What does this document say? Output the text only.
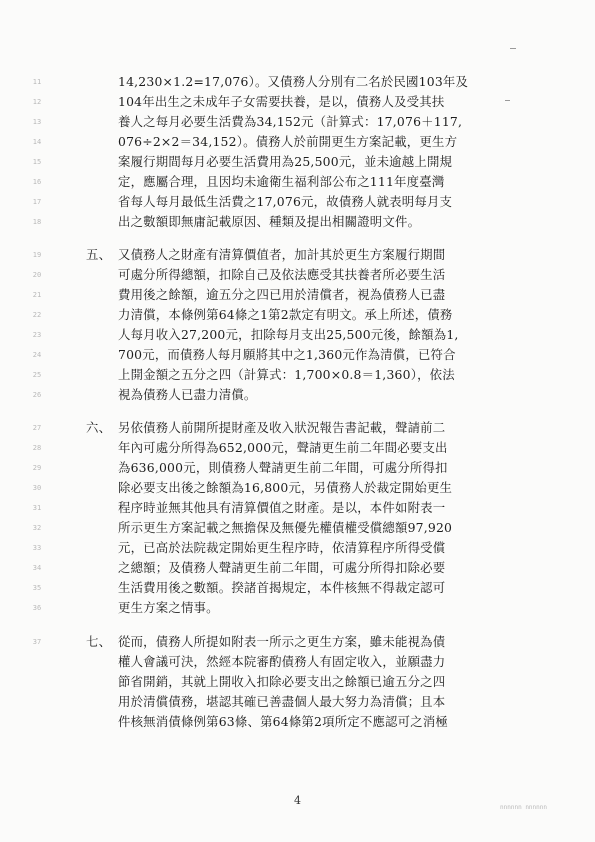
11
12
13
14
15
16
17
18
19
20
21
22
23
24
25
26
27
28
29
30
31
32
33
34
35
36
37
14,230×1.2=17,076）。又債務人分別有二名於民國103年及
104年出生之未成年子女需要扶養，是以，債務人及受其扶
養人之每月必要生活費為34,152元（計算式：17,076＋117,
076÷2×2＝34,152）。債務人於前開更生方案記載，更生方
案履行期間每月必要生活費用為25,500元，並未逾越上開規
定，應屬合理，且因均未逾衛生福利部公布之111年度臺灣
省每人每月最低生活費之17,076元，故債務人就表明每月支
出之數額即無庸記載原因、種類及提出相關證明文件。
五、 又債務人之財產有清算價值者，加計其於更生方案履行期間
可處分所得總額，扣除自己及依法應受其扶養者所必要生活
費用後之餘額，逾五分之四已用於清償者，視為債務人已盡
力清償，本條例第64條之1第2款定有明文。承上所述，債務
人每月收入27,200元，扣除每月支出25,500元後，餘額為1,
700元，而債務人每月願將其中之1,360元作為清償，已符合
上開金額之五分之四（計算式：1,700×0.8＝1,360），依法
視為債務人已盡力清償。
六、 另依債務人前開所提財產及收入狀況報告書記載，聲請前二
年內可處分所得為652,000元，聲請更生前二年間必要支出
為636,000元，則債務人聲請更生前二年間，可處分所得扣
除必要支出後之餘額為16,800元，另債務人於裁定開始更生
程序時並無其他具有清算價值之財產。是以，本件如附表一
所示更生方案記載之無擔保及無優先權債權受償總額97,920
元，已高於法院裁定開始更生程序時，依清算程序所得受償
之總額；及債務人聲請更生前二年間，可處分所得扣除必要
生活費用後之數額。揆諸首揭規定，本件核無不得裁定認可
更生方案之情事。
七、 從而，債務人所提如附表一所示之更生方案，雖未能視為債
權人會議可決，然經本院審酌債務人有固定收入，並願盡力
節省開銷，其就上開收入扣除必要支出之餘額已逾五分之四
用於清償債務，堪認其確已善盡個人最大努力為清償；且本
件核無消債條例第63條、第64條第2項所定不應認可之消極
4
nnnnnn nnnnnn
